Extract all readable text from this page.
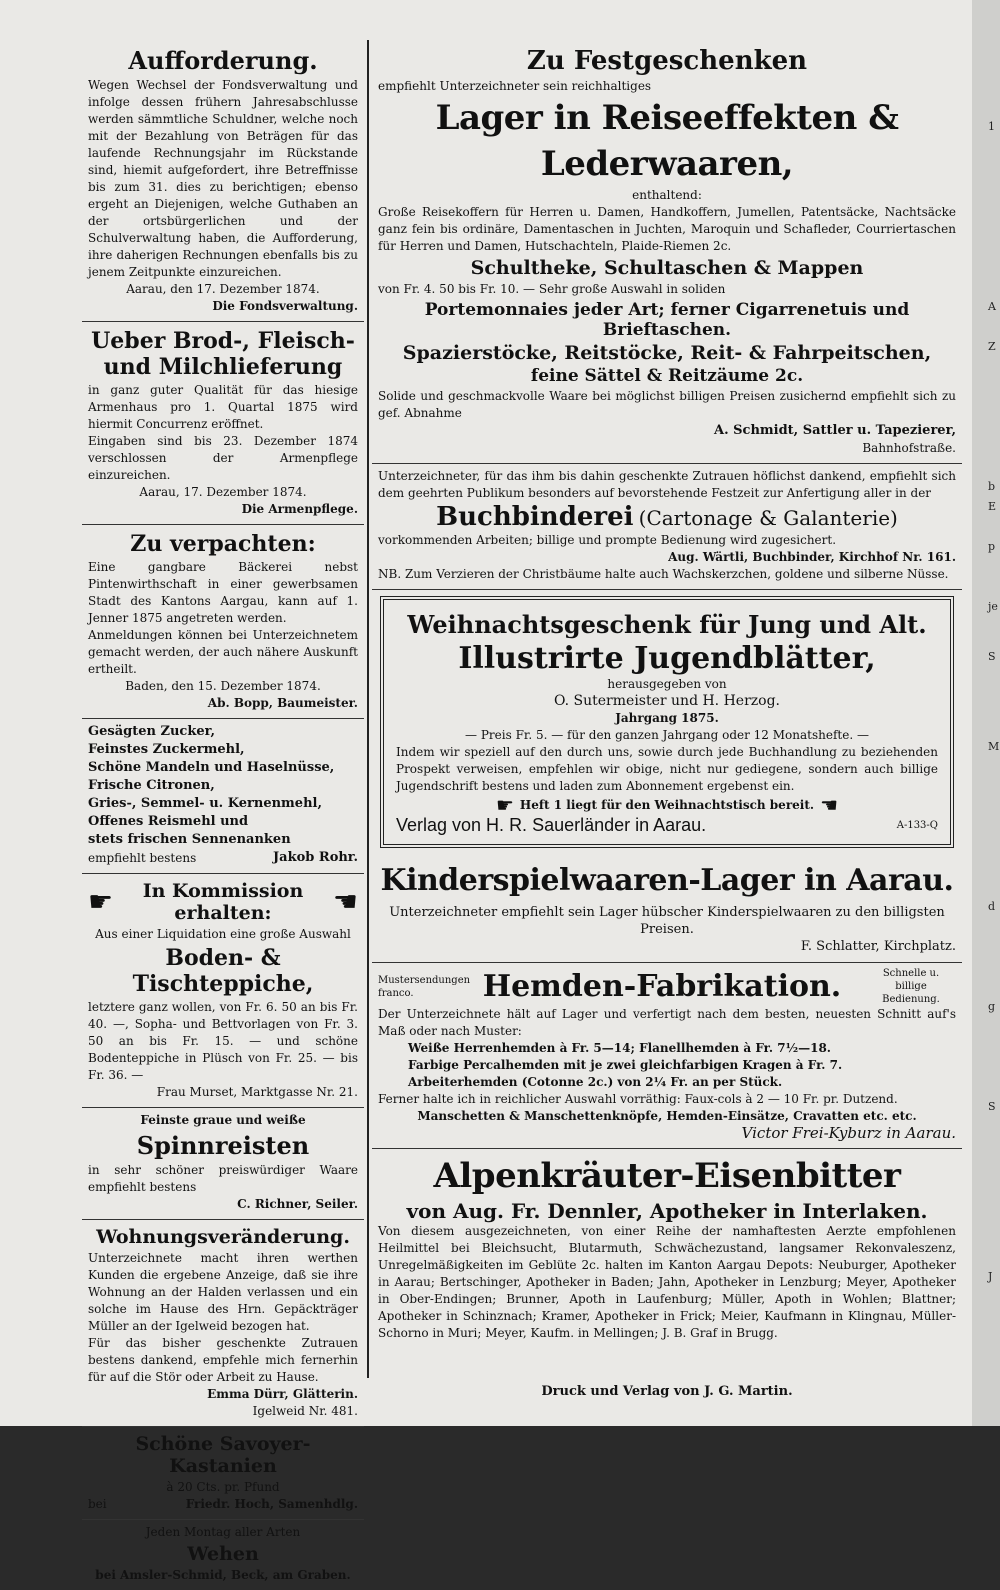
Aufforderung.

Wegen Wechsel der Fondsverwaltung und infolge dessen frühern Jahresabschlusse werden sämmtliche Schuldner, welche noch mit der Bezahlung von Beträgen für das laufende Rechnungsjahr im Rückstande sind, hiemit aufgefordert, ihre Betreffnisse bis zum 31. dies zu berichtigen; ebenso ergeht an Diejenigen, welche Guthaben an der ortsbürgerlichen und der Schulverwaltung haben, die Aufforderung, ihre daherigen Rechnungen ebenfalls bis zu jenem Zeitpunkte einzureichen.

Aarau, den 17. Dezember 1874.

Die Fondsverwaltung.

Ueber Brod-, Fleisch- und Milchlieferung

in ganz guter Qualität für das hiesige Armenhaus pro 1. Quartal 1875 wird hiermit Concurrenz eröffnet.

Eingaben sind bis 23. Dezember 1874 verschlossen der Armenpflege einzureichen.

Aarau, 17. Dezember 1874.

Die Armenpflege.

Zu verpachten:

Eine gangbare Bäckerei nebst Pintenwirthschaft in einer gewerbsamen Stadt des Kantons Aargau, kann auf 1. Jenner 1875 angetreten werden.

Anmeldungen können bei Unterzeichnetem gemacht werden, der auch nähere Auskunft ertheilt.

Baden, den 15. Dezember 1874.

Ab. Bopp, Baumeister.

Gesägten Zucker,

Feinstes Zuckermehl,

Schöne Mandeln und Haselnüsse,

Frische Citronen,

Gries-, Semmel- u. Kernenmehl,

Offenes Reismehl und

stets frischen Sennenanken

empfiehlt bestens	Jakob Rohr.
☛	In Kommission erhalten:	☚

Aus einer Liquidation eine große Auswahl

Boden- & Tischteppiche,

letztere ganz wollen, von Fr. 6. 50 an bis Fr. 40. —, Sopha- und Bettvorlagen von Fr. 3. 50 an bis Fr. 15. — und schöne Bodenteppiche in Plüsch von Fr. 25. — bis Fr. 36. —

Frau Murset, Marktgasse Nr. 21.

Feinste graue und weiße

Spinnreisten

in sehr schöner preiswürdiger Waare empfiehlt bestens

C. Richner, Seiler.

Wohnungsveränderung.

Unterzeichnete macht ihren werthen Kunden die ergebene Anzeige, daß sie ihre Wohnung an der Halden verlassen und ein solche im Hause des Hrn. Gepäckträger Müller an der Igelweid bezogen hat.

Für das bisher geschenkte Zutrauen bestens dankend, empfehle mich fernerhin für auf die Stör oder Arbeit zu Hause.

Emma Dürr, Glätterin.

Igelweid Nr. 481.

Schöne Savoyer-Kastanien

à 20 Cts. pr. Pfund

bei	Friedr. Hoch, Samenhdlg.

Jeden Montag aller Arten

Wehen

bei Amsler-Schmid, Beck, am Graben.

Zu Festgeschenken

empfiehlt Unterzeichneter sein reichhaltiges

Lager in Reiseeffekten & Lederwaaren,

enthaltend:

Große Reisekoffern für Herren u. Damen, Handkoffern, Jumellen, Patentsäcke, Nachtsäcke ganz fein bis ordinäre, Damentaschen in Juchten, Maroquin und Schafleder, Courriertaschen für Herren und Damen, Hutschachteln, Plaide-Riemen 2c.

Schultheke, Schultaschen & Mappen

von Fr. 4. 50 bis Fr. 10. — Sehr große Auswahl in soliden

Portemonnaies jeder Art; ferner Cigarrenetuis und Brieftaschen.
Spazierstöcke, Reitstöcke, Reit- & Fahrpeitschen,
feine Sättel & Reitzäume 2c.

Solide und geschmackvolle Waare bei möglichst billigen Preisen zusichernd empfiehlt sich zu gef. Abnahme

A. Schmidt, Sattler u. Tapezierer,

Bahnhofstraße.

Unterzeichneter, für das ihm bis dahin geschenkte Zutrauen höflichst dankend, empfiehlt sich dem geehrten Publikum besonders auf bevorstehende Festzeit zur Anfertigung aller in der

Buchbinderei (Cartonage & Galanterie)

vorkommenden Arbeiten; billige und prompte Bedienung wird zugesichert.

Aug. Wärtli, Buchbinder, Kirchhof Nr. 161.

NB. Zum Verzieren der Christbäume halte auch Wachskerzchen, goldene und silberne Nüsse.

Weihnachtsgeschenk für Jung und Alt.
Illustrirte Jugendblätter,

herausgegeben von

O. Sutermeister und H. Herzog.

Jahrgang 1875.

— Preis Fr. 5. — für den ganzen Jahrgang oder 12 Monatshefte. —

Indem wir speziell auf den durch uns, sowie durch jede Buchhandlung zu beziehenden Prospekt verweisen, empfehlen wir obige, nicht nur gediegene, sondern auch billige Jugendschrift bestens und laden zum Abonnement ergebenst ein.

☛ Heft 1 liegt für den Weihnachtstisch bereit. ☚
Verlag von H. R. Sauerländer in Aarau.	A-133-Q
Kinderspielwaaren-Lager in Aarau.

Unterzeichneter empfiehlt sein Lager hübscher Kinderspielwaaren zu den billigsten Preisen.

F. Schlatter, Kirchplatz.

Mustersendungen franco.	Hemden-Fabrikation.	Schnelle u. billige Bedienung.

Der Unterzeichnete hält auf Lager und verfertigt nach dem besten, neuesten Schnitt auf's Maß oder nach Muster:

Weiße Herrenhemden à Fr. 5—14; Flanellhemden à Fr. 7½—18.

Farbige Percalhemden mit je zwei gleichfarbigen Kragen à Fr. 7.

Arbeiterhemden (Cotonne 2c.) von 2¼ Fr. an per Stück.

Ferner halte ich in reichlicher Auswahl vorräthig: Faux-cols à 2 — 10 Fr. pr. Dutzend.

Manschetten & Manschettenknöpfe, Hemden-Einsätze, Cravatten etc. etc.

Victor Frei-Kyburz in Aarau.

Alpenkräuter-Eisenbitter
von Aug. Fr. Dennler, Apotheker in Interlaken.

Von diesem ausgezeichneten, von einer Reihe der namhaftesten Aerzte empfohlenen Heilmittel bei Bleichsucht, Blutarmuth, Schwächezustand, langsamer Rekonvaleszenz, Unregelmäßigkeiten im Geblüte 2c. halten im Kanton Aargau Depots: Neuburger, Apotheker in Aarau; Bertschinger, Apotheker in Baden; Jahn, Apotheker in Lenzburg; Meyer, Apotheker in Ober-Endingen; Brunner, Apoth in Laufenburg; Müller, Apoth in Wohlen; Blattner; Apotheker in Schinznach; Kramer, Apotheker in Frick; Meier, Kaufmann in Klingnau, Müller-Schorno in Muri; Meyer, Kaufm. in Mellingen; J. B. Graf in Brugg.

Druck und Verlag von J. G. Martin.
1
A
Z
b
E
p
je
S
M
d
g
S
J
